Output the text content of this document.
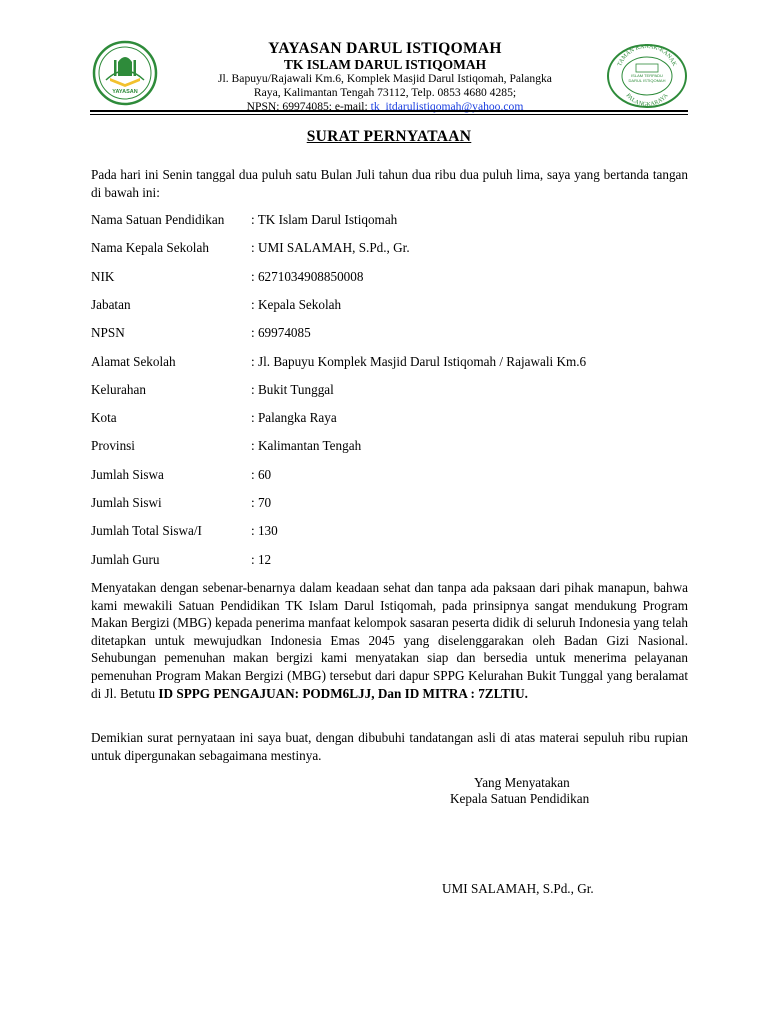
YAYASAN
YAYASAN DARUL ISTIQOMAH
TK ISLAM DARUL ISTIQOMAH
Jl. Bapuyu/Rajawali Km.6, Komplek Masjid Darul Istiqomah, Palangka
Raya, Kalimantan Tengah 73112, Telp. 0853 4680 4285;
NPSN: 69974085; e-mail: tk_itdarulistiqomah@yahoo.com
TAMAN KANAK-KANAK
PALANGKARAYA
ISLAM TERPADU
DARUL ISTIQOMAH
SURAT PERNYATAAN
Pada hari ini Senin tanggal dua puluh satu Bulan Juli tahun dua ribu dua puluh lima, saya yang bertanda tangan di bawah ini:
Nama Satuan Pendidikan : TK Islam Darul Istiqomah
Nama Kepala Sekolah	: UMI SALAMAH, S.Pd., Gr.
NIK	: 6271034908850008
Jabatan	: Kepala Sekolah
NPSN	: 69974085
Alamat Sekolah	: Jl. Bapuyu Komplek Masjid Darul Istiqomah / Rajawali Km.6
Kelurahan	: Bukit Tunggal
Kota	: Palangka Raya
Provinsi	: Kalimantan Tengah
Jumlah Siswa	: 60
Jumlah Siswi	: 70
Jumlah Total Siswa/I	: 130
Jumlah Guru	: 12
Menyatakan dengan sebenar-benarnya dalam keadaan sehat dan tanpa ada paksaan dari pihak manapun, bahwa kami mewakili Satuan Pendidikan TK Islam Darul Istiqomah, pada prinsipnya sangat mendukung Program Makan Bergizi (MBG) kepada penerima manfaat kelompok sasaran peserta didik di seluruh Indonesia yang telah ditetapkan untuk mewujudkan Indonesia Emas 2045 yang diselenggarakan oleh Badan Gizi Nasional. Sehubungan pemenuhan makan bergizi kami menyatakan siap dan bersedia untuk menerima pelayanan pemenuhan Program Makan Bergizi (MBG) tersebut dari dapur SPPG Kelurahan Bukit Tunggal yang beralamat di Jl. Betutu ID SPPG PENGAJUAN: PODM6LJJ, Dan ID MITRA : 7ZLTIU.
Demikian surat pernyataan ini saya buat, dengan dibubuhi tandatangan asli di atas materai sepuluh ribu rupian untuk dipergunakan sebagaimana mestinya.
Yang Menyatakan
Kepala Satuan Pendidikan
UMI SALAMAH, S.Pd., Gr.
